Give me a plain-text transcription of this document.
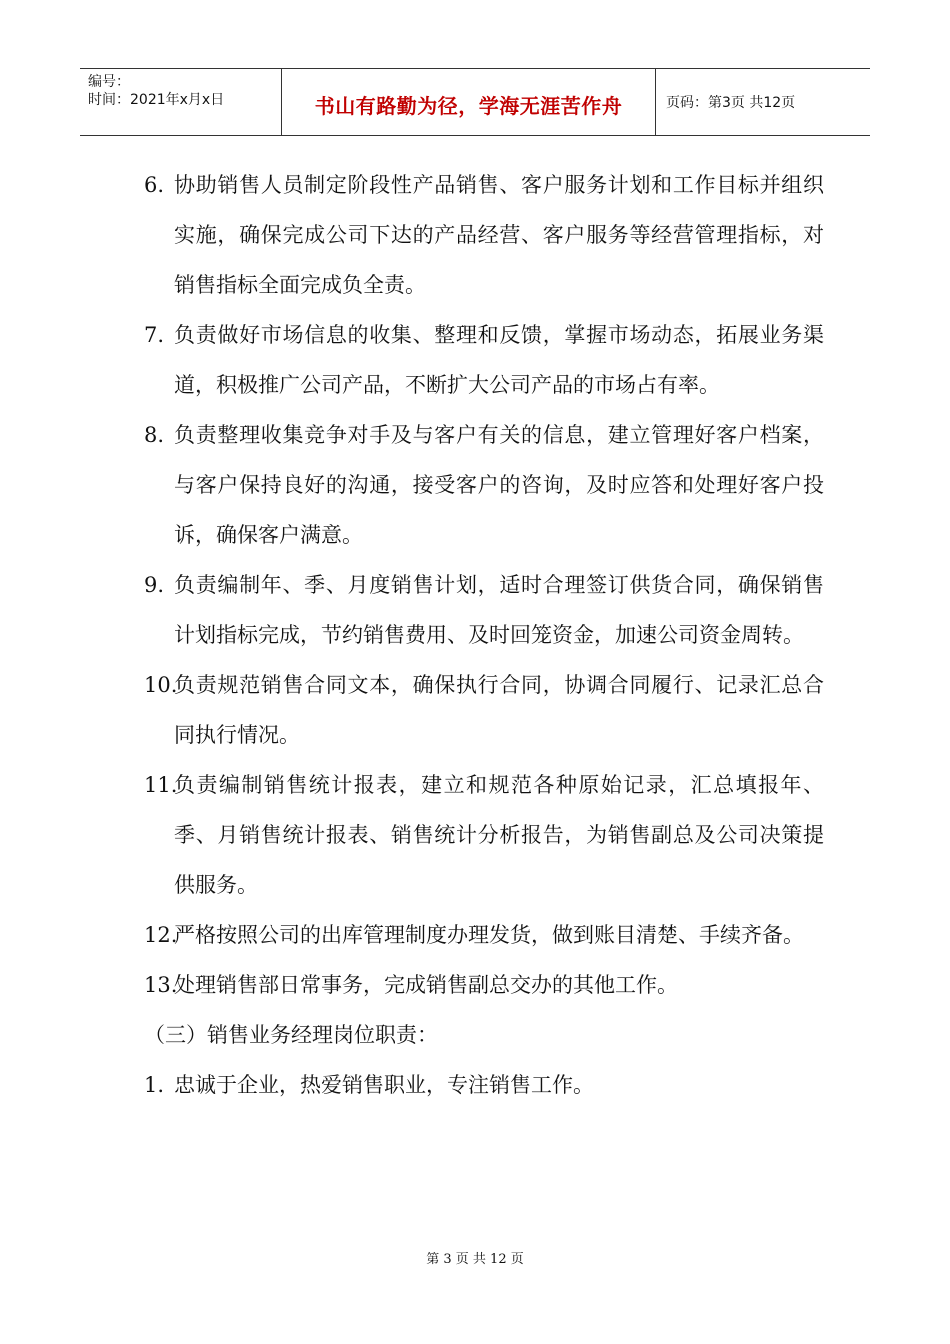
编号：
时间：2021年x月x日	书山有路勤为径，学海无涯苦作舟	页码：第3页 共12页
6. 协助销售人员制定阶段性产品销售、客户服务计划和工作目标并组织实施，确保完成公司下达的产品经营、客户服务等经营管理指标，对销售指标全面完成负全责。
7. 负责做好市场信息的收集、整理和反馈，掌握市场动态，拓展业务渠道，积极推广公司产品，不断扩大公司产品的市场占有率。
8. 负责整理收集竞争对手及与客户有关的信息，建立管理好客户档案，与客户保持良好的沟通，接受客户的咨询，及时应答和处理好客户投诉，确保客户满意。
9. 负责编制年、季、月度销售计划，适时合理签订供货合同，确保销售计划指标完成，节约销售费用、及时回笼资金，加速公司资金周转。
10.
负责规范销售合同文本，确保执行合同，协调合同履行、记录汇总合同执行情况。
11.
负责编制销售统计报表，建立和规范各种原始记录，汇总填报年、季、月销售统计报表、销售统计分析报告，为销售副总及公司决策提供服务。
12.
严格按照公司的出库管理制度办理发货，做到账目清楚、手续齐备。
13.
处理销售部日常事务，完成销售副总交办的其他工作。
（三）销售业务经理岗位职责：
1. 忠诚于企业，热爱销售职业，专注销售工作。
第 3 页 共 12 页
